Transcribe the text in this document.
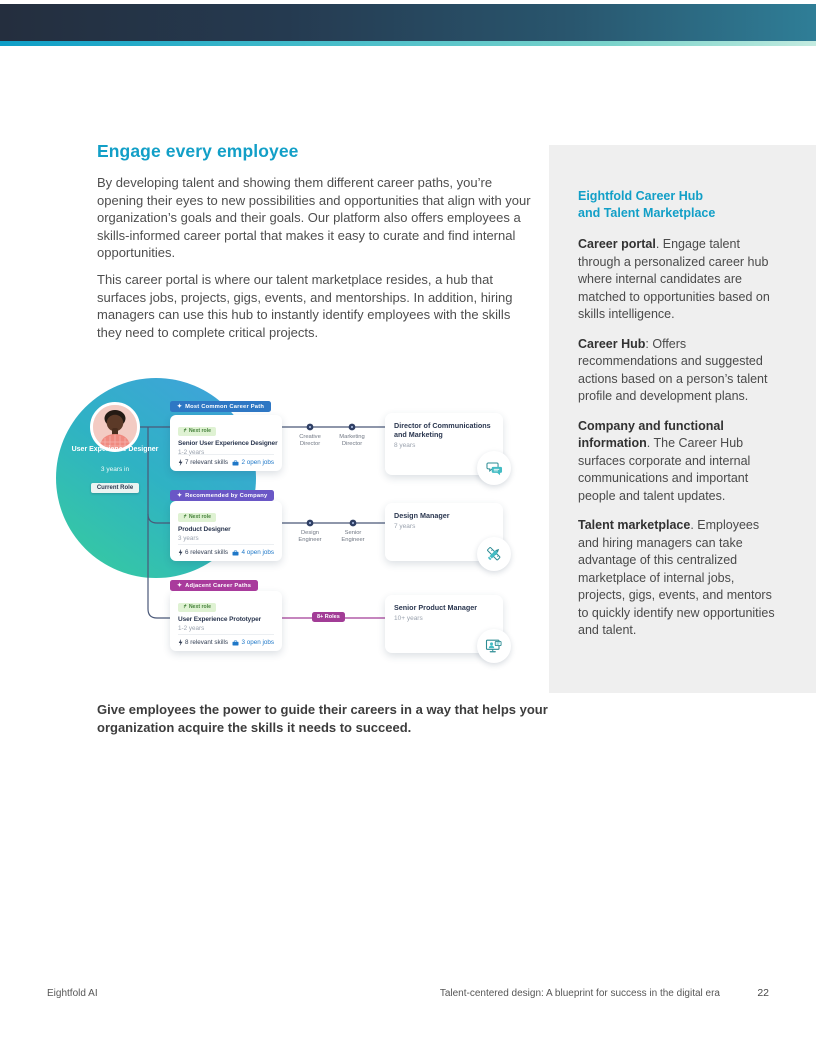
Engage every employee

By developing talent and showing them different career paths, you’re opening their eyes to new possibilities and opportunities that align with your organization’s goals and their goals. Our platform also offers employees a skills-informed career portal that makes it easy to curate and find internal opportunities.

This career portal is where our talent marketplace resides, a hub that surfaces jobs, projects, gigs, events, and mentorships. In addition, hiring managers can use this hub to instantly identify employees with the skills they need to complete critical projects.

User Experience Designer
3 years in
Current Role
✦ Most Common Career Path
✦ Recommended by Company
✦ Adjacent Career Paths
↱ Next role
Senior User Experience Designer
1-2 years
7 relevant skills 2 open jobs
↱ Next role
Product Designer
3 years
6 relevant skills 4 open jobs
↱ Next role
User Experience Prototyper
1-2 years
8 relevant skills 3 open jobs
Creative Director
Marketing Director
Design Engineer
Senior Engineer
8+ Roles
Director of Communications and Marketing
8 years
Design Manager
7 years
Senior Product Manager
10+ years

Give employees the power to guide their careers in a way that helps your organization acquire the skills it needs to succeed.

Eightfold Career Hub
and Talent Marketplace

Career portal. Engage talent through a personalized career hub where internal candidates are matched to opportunities based on skills intelligence.

Career Hub: Offers recommendations and suggested actions based on a person’s talent profile and development plans.

Company and functional information. The Career Hub surfaces corporate and internal communications and important people and talent updates.

Talent marketplace. Employees and hiring managers can take advantage of this centralized marketplace of internal jobs, projects, gigs, events, and mentors to quickly identify new opportunities and talent.

Eightfold AI	Talent-centered design: A blueprint for success in the digital era	22
